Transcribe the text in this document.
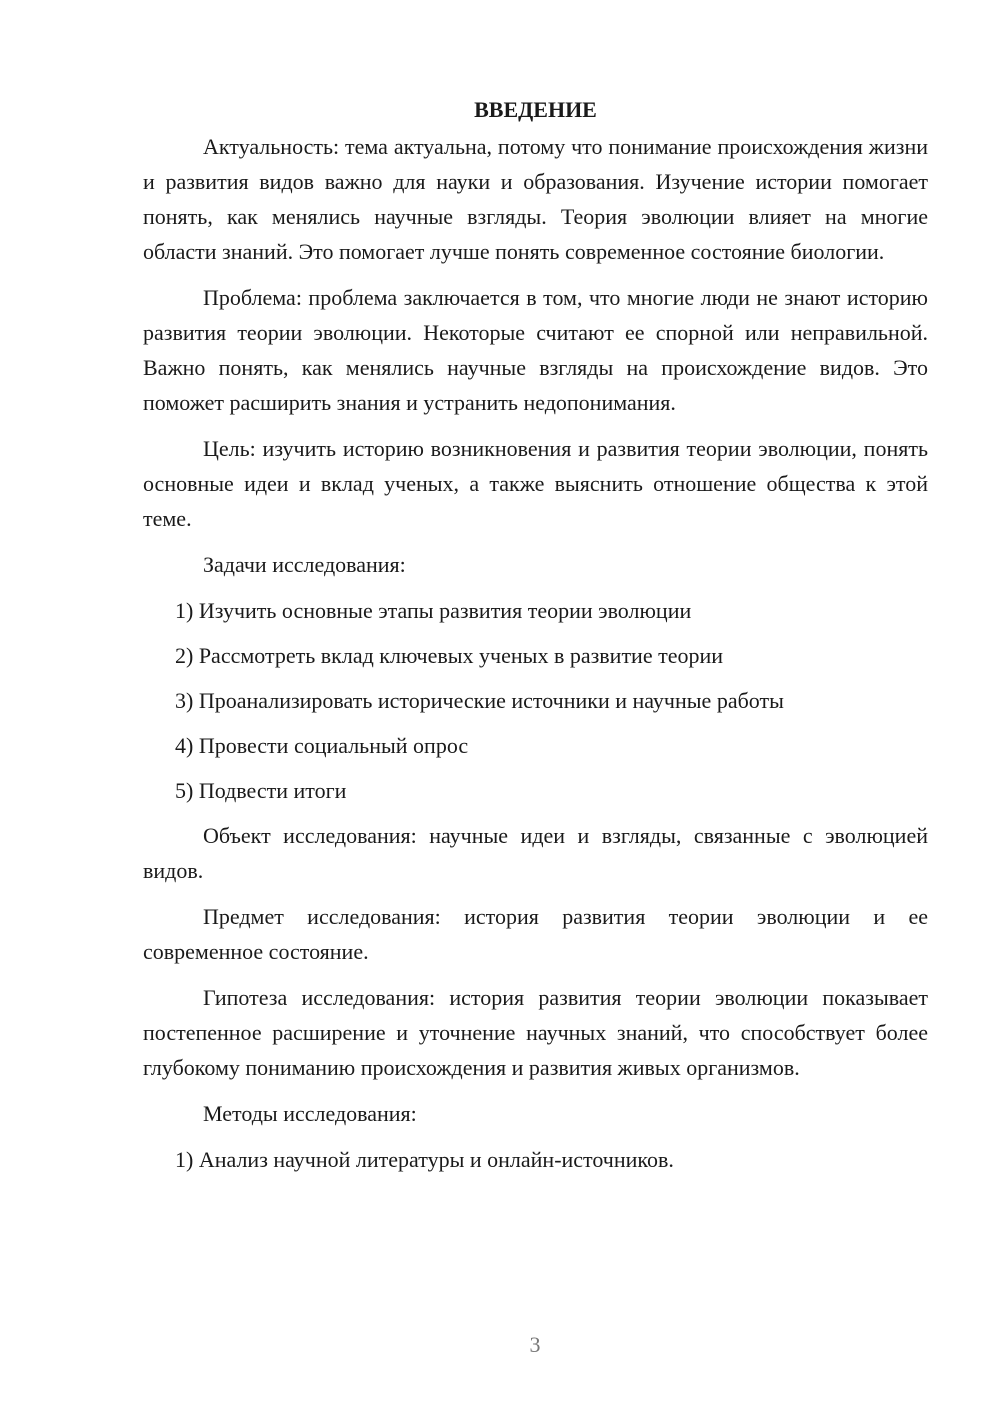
ВВЕДЕНИЕ

Актуальность: тема актуальна, потому что понимание происхождения жизни и развития видов важно для науки и образования. Изучение истории помогает понять, как менялись научные взгляды. Теория эволюции влияет на многие области знаний. Это помогает лучше понять современное состояние биологии.

Проблема: проблема заключается в том, что многие люди не знают историю развития теории эволюции. Некоторые считают ее спорной или неправильной. Важно понять, как менялись научные взгляды на происхождение видов. Это поможет расширить знания и устранить недопонимания.

Цель: изучить историю возникновения и развития теории эволюции, понять основные идеи и вклад ученых, а также выяснить отношение общества к этой теме.

Задачи исследования:

1) Изучить основные этапы развития теории эволюции
2) Рассмотреть вклад ключевых ученых в развитие теории
3) Проанализировать исторические источники и научные работы
4) Провести социальный опрос
5) Подвести итоги

Объект исследования: научные идеи и взгляды, связанные с эволюцией видов.

Предмет исследования: история развития теории эволюции и ее современное состояние.

Гипотеза исследования: история развития теории эволюции показывает постепенное расширение и уточнение научных знаний, что способствует более глубокому пониманию происхождения и развития живых организмов.

Методы исследования:

1) Анализ научной литературы и онлайн-источников.
3
